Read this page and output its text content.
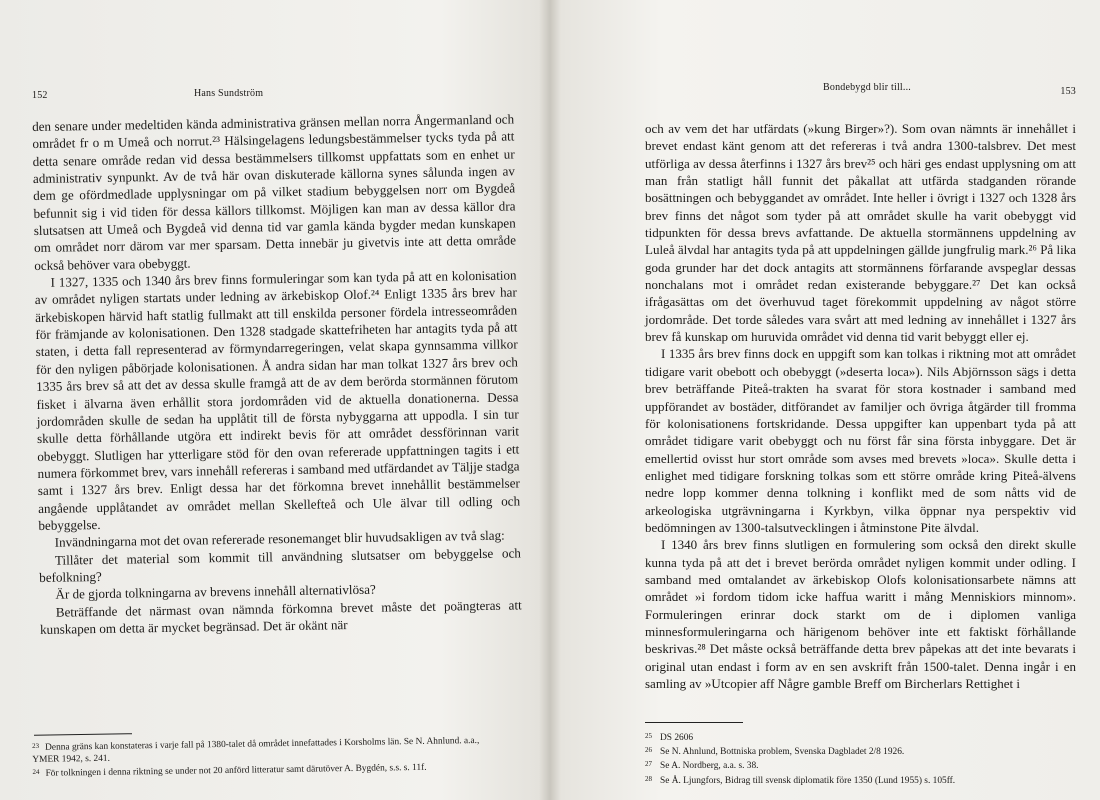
152	Hans Sundström

den senare under medeltiden kända administrativa gränsen mellan norra Ångermanland och området fr o m Umeå och norrut.²³ Hälsingelagens ledungsbestämmelser tycks tyda på att detta senare område redan vid dessa bestämmelsers tillkomst uppfattats som en enhet ur administrativ synpunkt. Av de två här ovan diskuterade källorna synes sålunda ingen av dem ge ofördmedlade upplysningar om på vilket stadium bebyggelsen norr om Bygdeå befunnit sig i vid tiden för dessa källors tillkomst. Möjligen kan man av dessa källor dra slutsatsen att Umeå och Bygdeå vid denna tid var gamla kända bygder medan kunskapen om området norr därom var mer sparsam. Detta innebär ju givetvis inte att detta område också behöver vara obebyggt.

I 1327, 1335 och 1340 års brev finns formuleringar som kan tyda på att en kolonisation av området nyligen startats under ledning av ärkebiskop Olof.²⁴ Enligt 1335 års brev har ärkebiskopen härvid haft statlig fullmakt att till enskilda personer fördela intresseområden för främjande av kolonisationen. Den 1328 stadgade skattefriheten har antagits tyda på att staten, i detta fall representerad av förmyndarregeringen, velat skapa gynnsamma villkor för den nyligen påbörjade kolonisationen. Å andra sidan har man tolkat 1327 års brev och 1335 års brev så att det av dessa skulle framgå att de av dem berörda stormännen förutom fisket i älvarna även erhållit stora jordområden vid de aktuella donationerna. Dessa jordområden skulle de sedan ha upplåtit till de första nybyggarna att uppodla. I sin tur skulle detta förhållande utgöra ett indirekt bevis för att området dessförinnan varit obebyggt. Slutligen har ytterligare stöd för den ovan refererade uppfattningen tagits i ett numera förkommet brev, vars innehåll refereras i samband med utfärdandet av Täljje stadga samt i 1327 års brev. Enligt dessa har det förkomna brevet innehållit bestämmelser angående upplåtandet av området mellan Skellefteå och Ule älvar till odling och bebyggelse.

Invändningarna mot det ovan refererade resonemanget blir huvudsakligen av två slag:

Tillåter det material som kommit till användning slutsatser om bebyggelse och befolkning?

Är de gjorda tolkningarna av brevens innehåll alternativlösa?

Beträffande det närmast ovan nämnda förkomna brevet måste det poängteras att kunskapen om detta är mycket begränsad. Det är okänt när

$^{23}$ Denna gräns kan konstateras i varje fall på 1380-talet då området innefattades i Korsholms län. Se N. Ahnlund. a.a., YMER 1942, s. 241.
$^{24}$ För tolkningen i denna riktning se under not 20 anförd litteratur samt därutöver A. Bygdén, s.s. s. 11f.
Bondebygd blir till...	153

och av vem det har utfärdats (»kung Birger»?). Som ovan nämnts är innehållet i brevet endast känt genom att det refereras i två andra 1300-talsbrev. Det mest utförliga av dessa återfinns i 1327 års brev²⁵ och häri ges endast upplysning om att man från statligt håll funnit det påkallat att utfärda stadganden rörande bosättningen och bebyggandet av området. Inte heller i övrigt i 1327 och 1328 års brev finns det något som tyder på att området skulle ha varit obebyggt vid tidpunkten för dessa brevs avfattande. De aktuella stormännens uppdelning av Luleå älvdal har antagits tyda på att uppdelningen gällde jungfrulig mark.²⁶ På lika goda grunder har det dock antagits att stormännens förfarande avspeglar dessas nonchalans mot i området redan existerande bebyggare.²⁷ Det kan också ifrågasättas om det överhuvud taget förekommit uppdelning av något större jordområde. Det torde således vara svårt att med ledning av innehållet i 1327 års brev få kunskap om huruvida området vid denna tid varit bebyggt eller ej.

I 1335 års brev finns dock en uppgift som kan tolkas i riktning mot att området tidigare varit obebott och obebyggt (»deserta loca»). Nils Abjörnsson sägs i detta brev beträffande Piteå-trakten ha svarat för stora kostnader i samband med uppförandet av bostäder, ditförandet av familjer och övriga åtgärder till fromma för kolonisationens fortskridande. Dessa uppgifter kan uppenbart tyda på att området tidigare varit obebyggt och nu först får sina första inbyggare. Det är emellertid ovisst hur stort område som avses med brevets »loca». Skulle detta i enlighet med tidigare forskning tolkas som ett större område kring Piteå-älvens nedre lopp kommer denna tolkning i konflikt med de som nåtts vid de arkeologiska utgrävningarna i Kyrkbyn, vilka öppnar nya perspektiv vid bedömningen av 1300-talsutvecklingen i åtminstone Pite älvdal.

I 1340 års brev finns slutligen en formulering som också den direkt skulle kunna tyda på att det i brevet berörda området nyligen kommit under odling. I samband med omtalandet av ärkebiskop Olofs kolonisationsarbete nämns att området »i fordom tidom icke haffua waritt i mång Menniskiors minnom». Formuleringen erinrar dock starkt om de i diplomen vanliga minnesformuleringarna och härigenom behöver inte ett faktiskt förhållande beskrivas.²⁸ Det måste också beträffande detta brev påpekas att det inte bevarats i original utan endast i form av en sen avskrift från 1500-talet. Denna ingår i en samling av »Utcopier aff Någre gamble Breff om Bircherlars Rettighet i

$^{25}$ DS 2606
$^{26}$ Se N. Ahnlund, Bottniska problem, Svenska Dagbladet 2/8 1926.
$^{27}$ Se A. Nordberg, a.a. s. 38.
$^{28}$ Se Å. Ljungfors, Bidrag till svensk diplomatik före 1350 (Lund 1955) s. 105ff.
